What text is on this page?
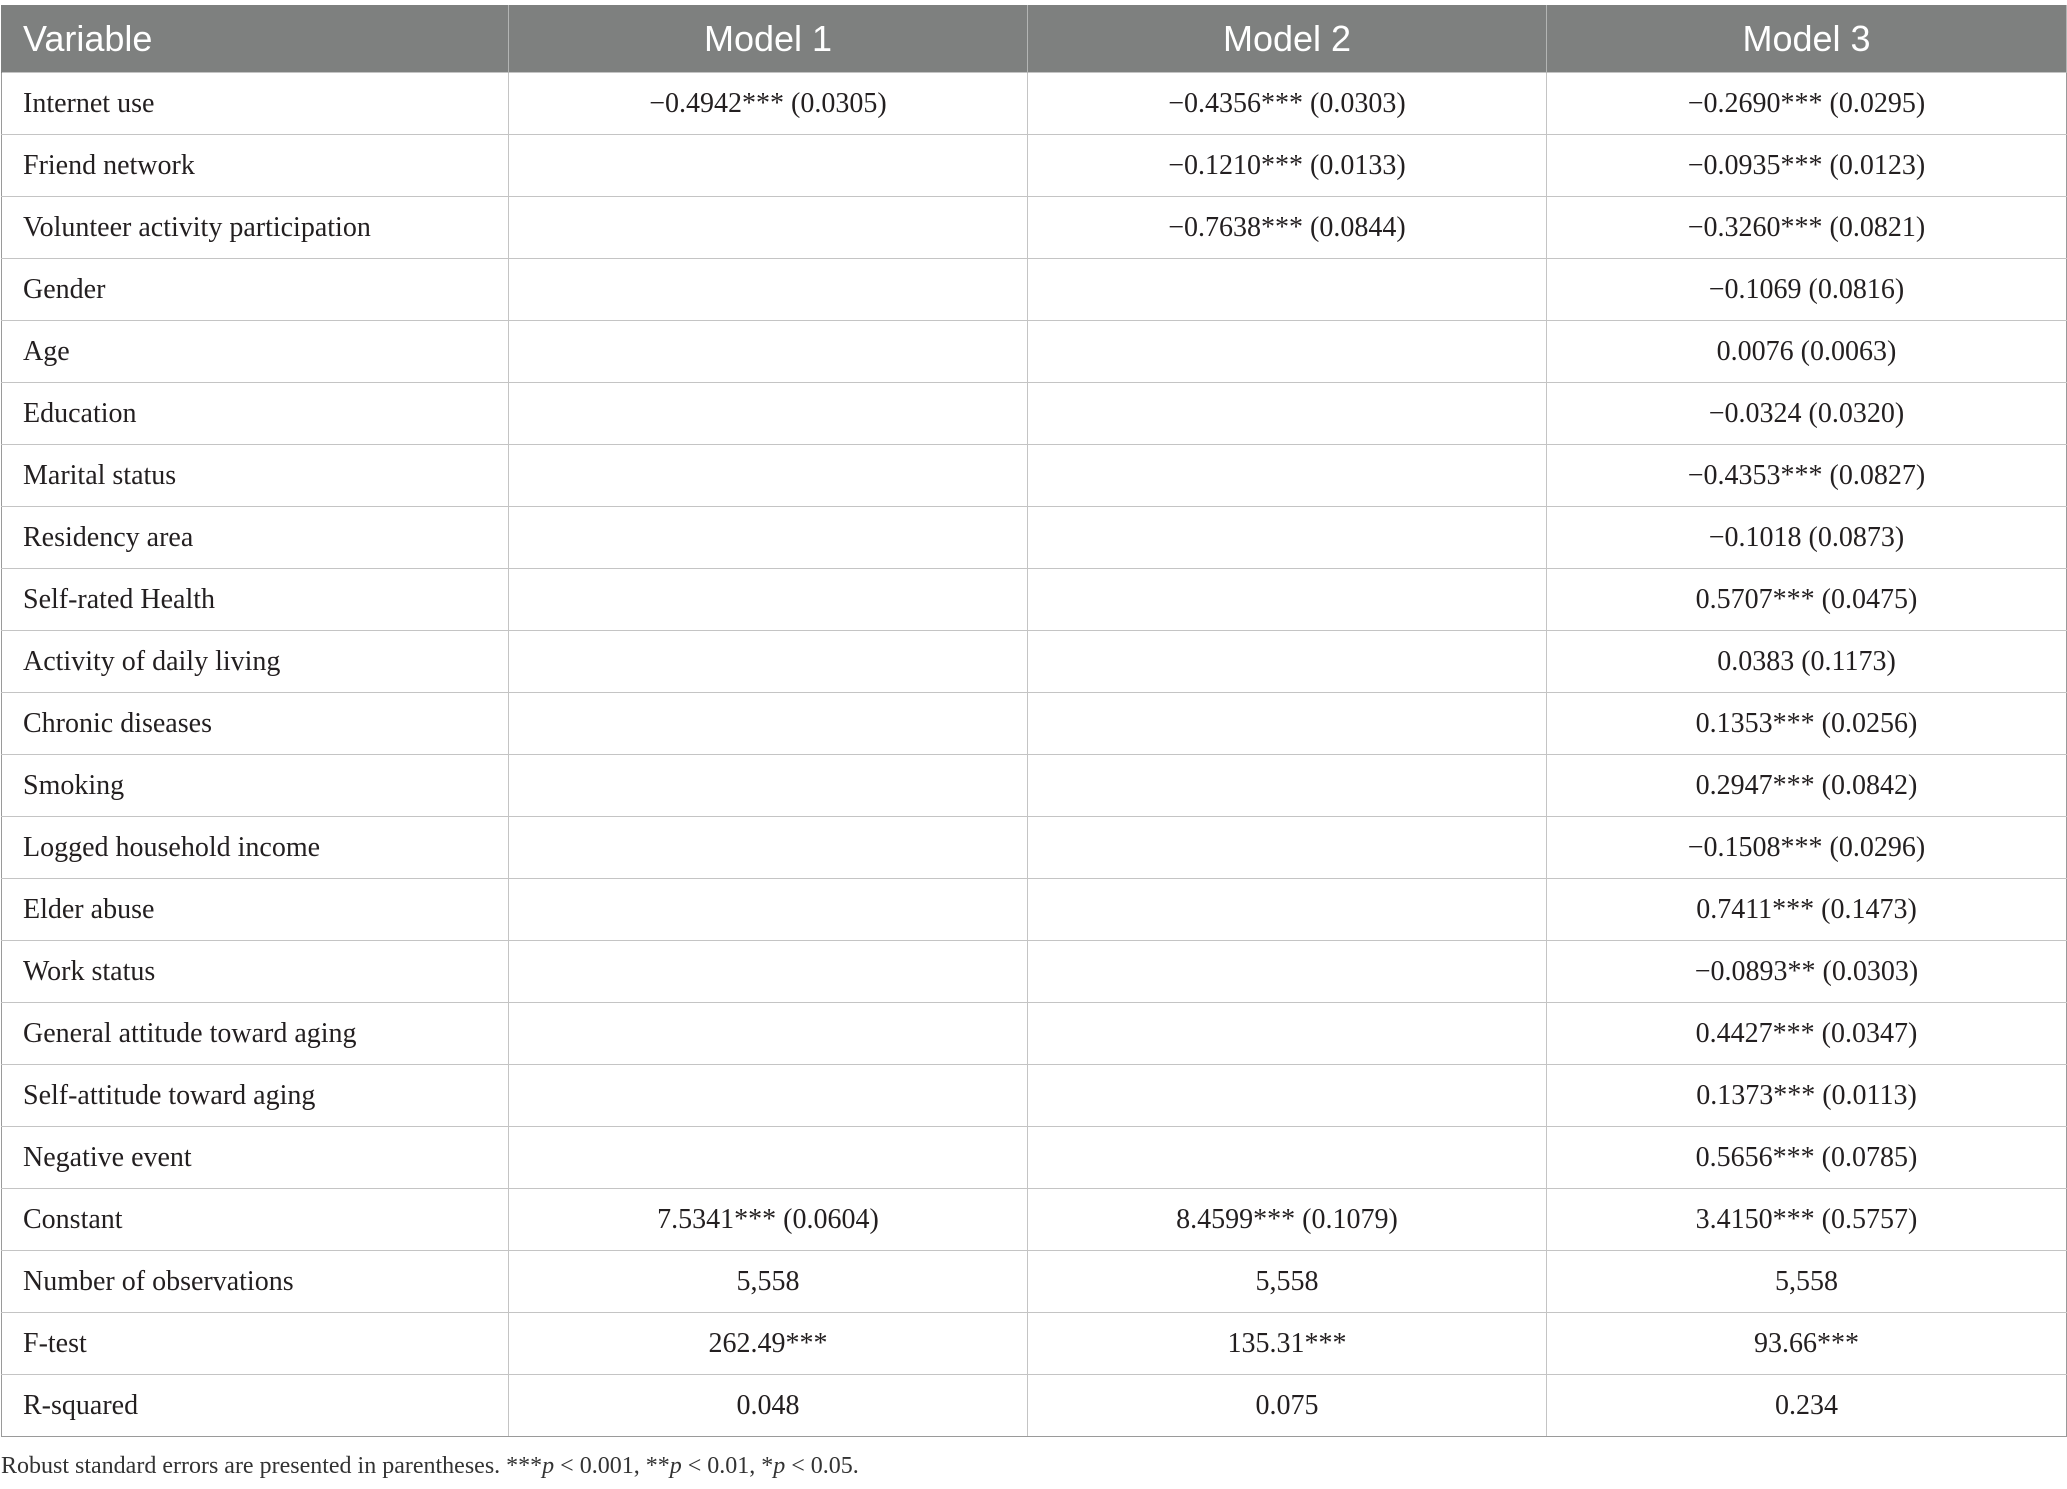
Variable	Model 1	Model 2	Model 3
Internet use	−0.4942*** (0.0305)	−0.4356*** (0.0303)	−0.2690*** (0.0295)
Friend network		−0.1210*** (0.0133)	−0.0935*** (0.0123)
Volunteer activity participation		−0.7638*** (0.0844)	−0.3260*** (0.0821)
Gender			−0.1069 (0.0816)
Age			0.0076 (0.0063)
Education			−0.0324 (0.0320)
Marital status			−0.4353*** (0.0827)
Residency area			−0.1018 (0.0873)
Self-rated Health			0.5707*** (0.0475)
Activity of daily living			0.0383 (0.1173)
Chronic diseases			0.1353*** (0.0256)
Smoking			0.2947*** (0.0842)
Logged household income			−0.1508*** (0.0296)
Elder abuse			0.7411*** (0.1473)
Work status			−0.0893** (0.0303)
General attitude toward aging			0.4427*** (0.0347)
Self-attitude toward aging			0.1373*** (0.0113)
Negative event			0.5656*** (0.0785)
Constant	7.5341*** (0.0604)	8.4599*** (0.1079)	3.4150*** (0.5757)
Number of observations	5,558	5,558	5,558
F-test	262.49***	135.31***	93.66***
R-squared	0.048	0.075	0.234
Robust standard errors are presented in parentheses. ***p < 0.001, **p < 0.01, *p < 0.05.
